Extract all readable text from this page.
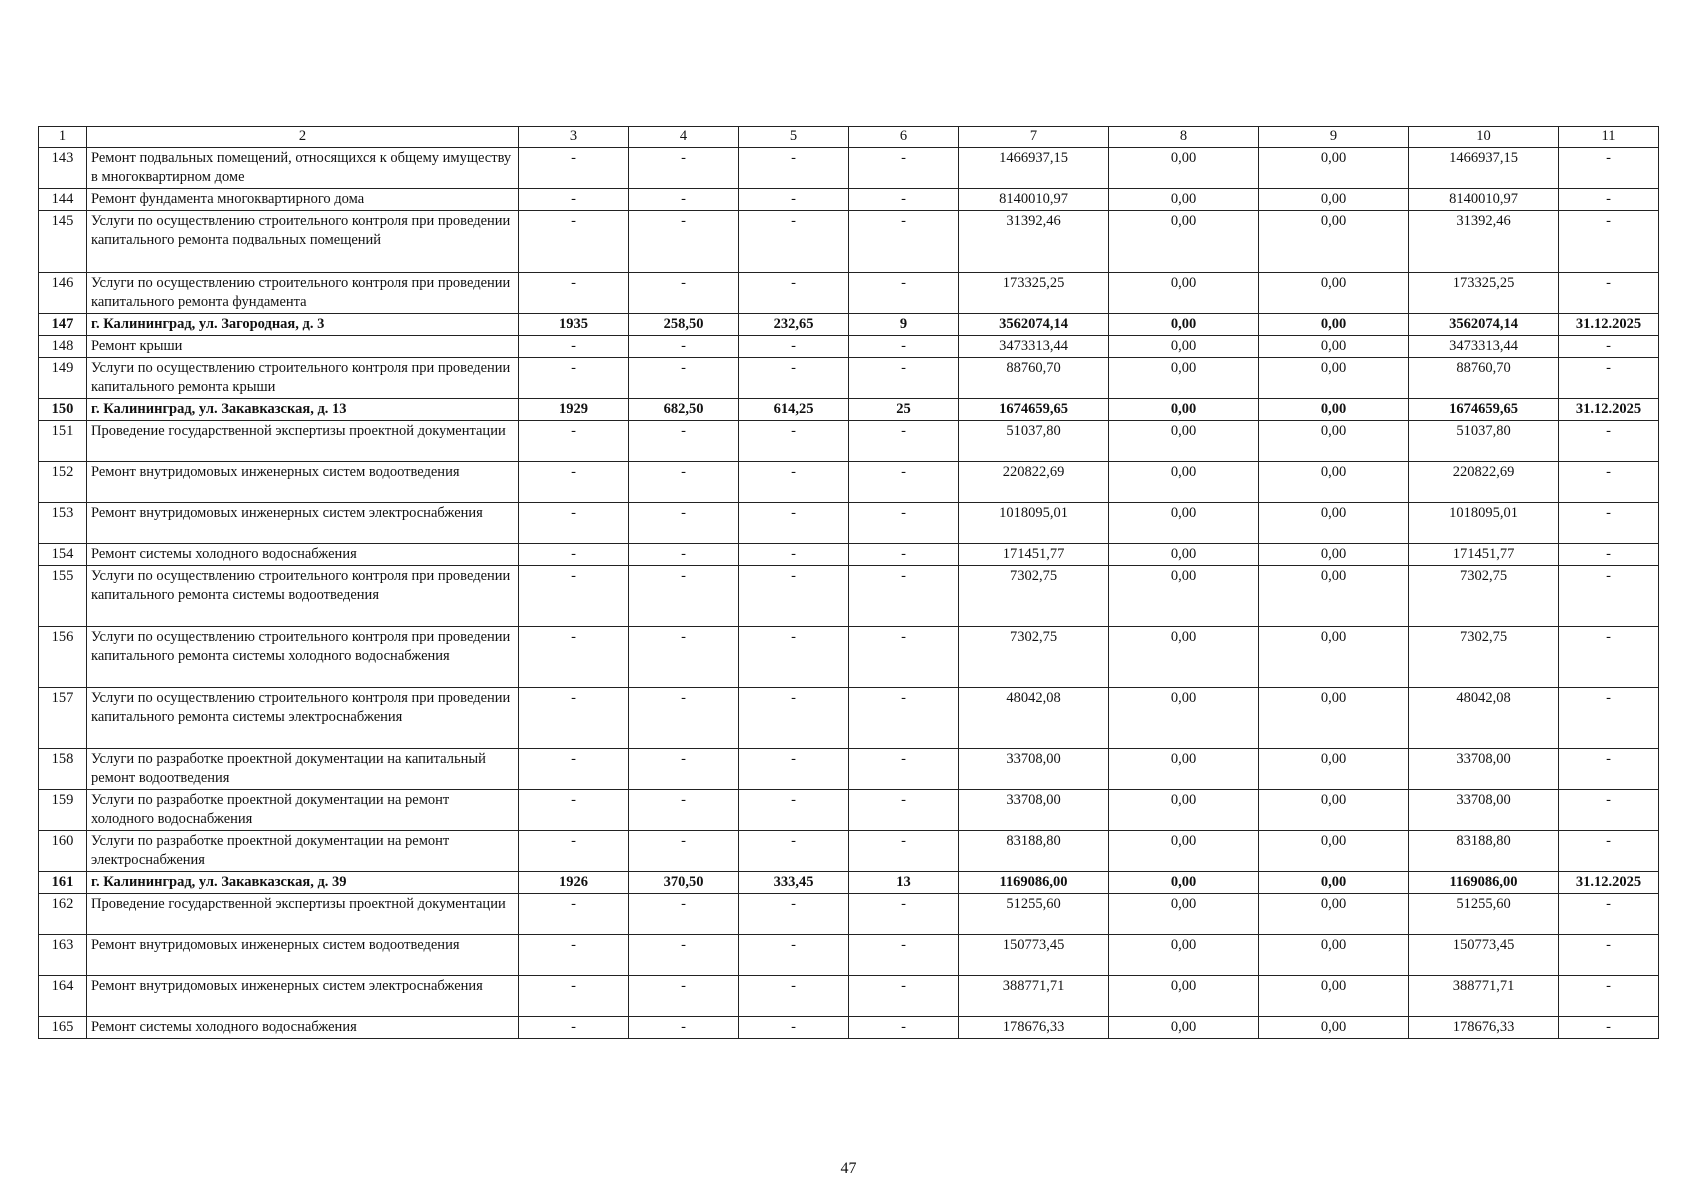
1	2	3	4	5	6	7	8	9	10	11
143	Ремонт подвальных помещений, относящихся к общему имуществу в многоквартирном доме	-	-	-	-	1466937,15	0,00	0,00	1466937,15	-
144	Ремонт фундамента многоквартирного дома	-	-	-	-	8140010,97	0,00	0,00	8140010,97	-
145	Услуги по осуществлению строительного контроля при проведении капитального ремонта подвальных помещений	-	-	-	-	31392,46	0,00	0,00	31392,46	-
146	Услуги по осуществлению строительного контроля при проведении капитального ремонта фундамента	-	-	-	-	173325,25	0,00	0,00	173325,25	-
147	г. Калининград, ул. Загородная, д. 3	1935	258,50	232,65	9	3562074,14	0,00	0,00	3562074,14	31.12.2025
148	Ремонт крыши	-	-	-	-	3473313,44	0,00	0,00	3473313,44	-
149	Услуги по осуществлению строительного контроля при проведении капитального ремонта крыши	-	-	-	-	88760,70	0,00	0,00	88760,70	-
150	г. Калининград, ул. Закавказская, д. 13	1929	682,50	614,25	25	1674659,65	0,00	0,00	1674659,65	31.12.2025
151	Проведение государственной экспертизы проектной документации	-	-	-	-	51037,80	0,00	0,00	51037,80	-
152	Ремонт внутридомовых инженерных систем водоотведения	-	-	-	-	220822,69	0,00	0,00	220822,69	-
153	Ремонт внутридомовых инженерных систем электроснабжения	-	-	-	-	1018095,01	0,00	0,00	1018095,01	-
154	Ремонт системы холодного водоснабжения	-	-	-	-	171451,77	0,00	0,00	171451,77	-
155	Услуги по осуществлению строительного контроля при проведении капитального ремонта системы водоотведения	-	-	-	-	7302,75	0,00	0,00	7302,75	-
156	Услуги по осуществлению строительного контроля при проведении капитального ремонта системы холодного водоснабжения	-	-	-	-	7302,75	0,00	0,00	7302,75	-
157	Услуги по осуществлению строительного контроля при проведении капитального ремонта системы электроснабжения	-	-	-	-	48042,08	0,00	0,00	48042,08	-
158	Услуги по разработке проектной документации на капитальный ремонт водоотведения	-	-	-	-	33708,00	0,00	0,00	33708,00	-
159	Услуги по разработке проектной документации на ремонт холодного водоснабжения	-	-	-	-	33708,00	0,00	0,00	33708,00	-
160	Услуги по разработке проектной документации на ремонт электроснабжения	-	-	-	-	83188,80	0,00	0,00	83188,80	-
161	г. Калининград, ул. Закавказская, д. 39	1926	370,50	333,45	13	1169086,00	0,00	0,00	1169086,00	31.12.2025
162	Проведение государственной экспертизы проектной документации	-	-	-	-	51255,60	0,00	0,00	51255,60	-
163	Ремонт внутридомовых инженерных систем водоотведения	-	-	-	-	150773,45	0,00	0,00	150773,45	-
164	Ремонт внутридомовых инженерных систем электроснабжения	-	-	-	-	388771,71	0,00	0,00	388771,71	-
165	Ремонт системы холодного водоснабжения	-	-	-	-	178676,33	0,00	0,00	178676,33	-
47
